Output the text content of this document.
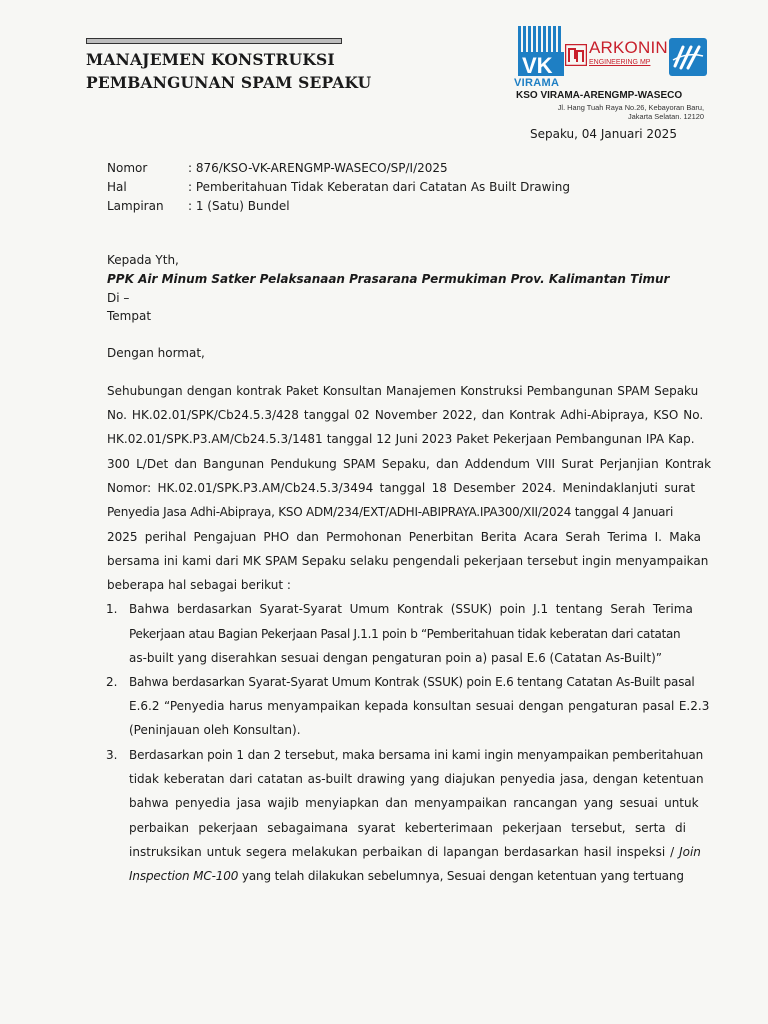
MANAJEMEN KONSTRUKSI
PEMBANGUNAN SPAM SEPAKU
VK
VIRAMA
ARKONIN
ENGINEERING MP
KSO VIRAMA-ARENGMP-WASECO
Jl. Hang Tuah Raya No.26, Kebayoran Baru,
Jakarta Selatan. 12120
Sepaku, 04 Januari 2025
Nomor	: 876/KSO-VK-ARENGMP-WASECO/SP/I/2025
Hal	: Pemberitahuan Tidak Keberatan dari Catatan As Built Drawing
Lampiran : 1 (Satu) Bundel
Kepada Yth,
PPK Air Minum Satker Pelaksanaan Prasarana Permukiman Prov. Kalimantan Timur
Di –
Tempat
Dengan hormat,
Sehubungan dengan kontrak Paket Konsultan Manajemen Konstruksi Pembangunan SPAM Sepaku
No. HK.02.01/SPK/Cb24.5.3/428 tanggal 02 November 2022, dan Kontrak Adhi-Abipraya, KSO No.
HK.02.01/SPK.P3.AM/Cb24.5.3/1481 tanggal 12 Juni 2023 Paket Pekerjaan Pembangunan IPA Kap.
300 L/Det dan Bangunan Pendukung SPAM Sepaku, dan Addendum VIII Surat Perjanjian Kontrak
Nomor: HK.02.01/SPK.P3.AM/Cb24.5.3/3494 tanggal 18 Desember 2024. Menindaklanjuti surat
Penyedia Jasa Adhi-Abipraya, KSO ADM/234/EXT/ADHI-ABIPRAYA.IPA300/XII/2024 tanggal 4 Januari
2025 perihal Pengajuan PHO dan Permohonan Penerbitan Berita Acara Serah Terima I. Maka
bersama ini kami dari MK SPAM Sepaku selaku pengendali pekerjaan tersebut ingin menyampaikan
beberapa hal sebagai berikut :
1. Bahwa berdasarkan Syarat-Syarat Umum Kontrak (SSUK) poin J.1 tentang Serah Terima
Pekerjaan atau Bagian Pekerjaan Pasal J.1.1 poin b “Pemberitahuan tidak keberatan dari catatan
as-built yang diserahkan sesuai dengan pengaturan poin a) pasal E.6 (Catatan As-Built)”
2. Bahwa berdasarkan Syarat-Syarat Umum Kontrak (SSUK) poin E.6 tentang Catatan As-Built pasal
E.6.2 “Penyedia harus menyampaikan kepada konsultan sesuai dengan pengaturan pasal E.2.3
(Peninjauan oleh Konsultan).
3. Berdasarkan poin 1 dan 2 tersebut, maka bersama ini kami ingin menyampaikan pemberitahuan
tidak keberatan dari catatan as-built drawing yang diajukan penyedia jasa, dengan ketentuan
bahwa penyedia jasa wajib menyiapkan dan menyampaikan rancangan yang sesuai untuk
perbaikan pekerjaan sebagaimana syarat keberterimaan pekerjaan tersebut, serta di
instruksikan untuk segera melakukan perbaikan di lapangan berdasarkan hasil inspeksi / Join
Inspection MC-100 yang telah dilakukan sebelumnya, Sesuai dengan ketentuan yang tertuang
